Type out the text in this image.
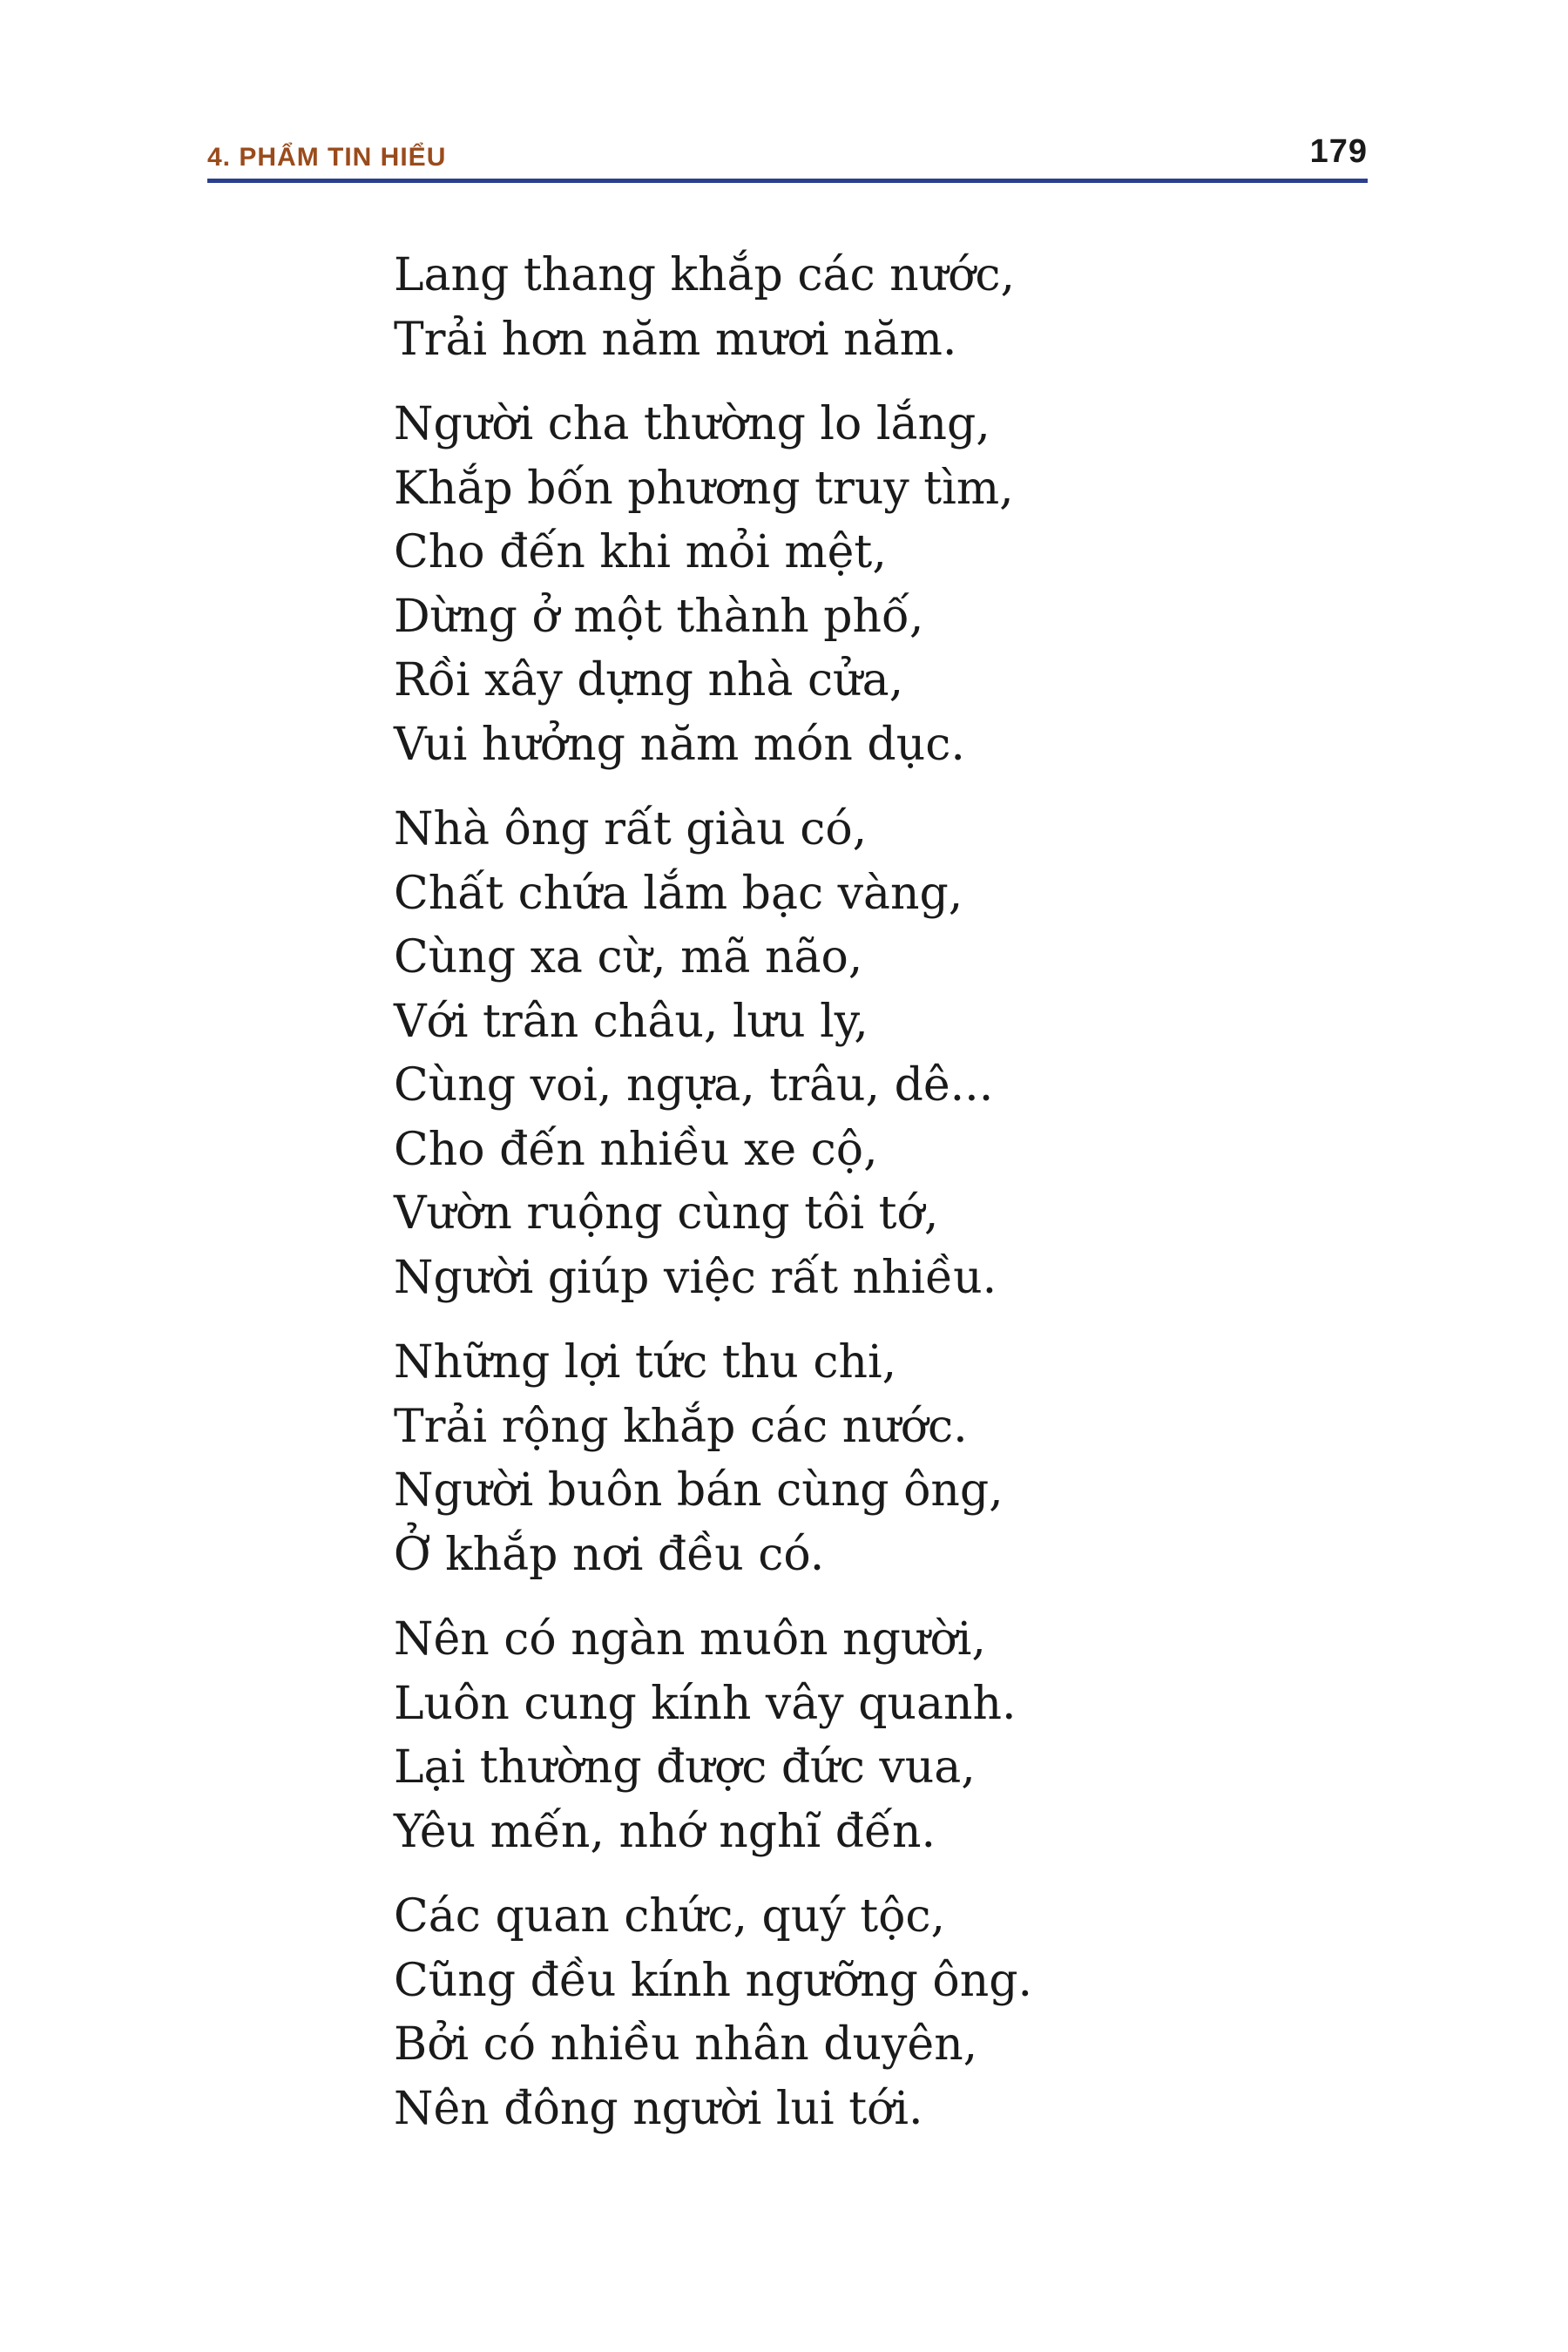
4. PHẨM TIN HIỂU	179
Lang thang khắp các nước,
Trải hơn năm mươi năm.
Người cha thường lo lắng,
Khắp bốn phương truy tìm,
Cho đến khi mỏi mệt,
Dừng ở một thành phố,
Rồi xây dựng nhà cửa,
Vui hưởng năm món dục.
Nhà ông rất giàu có,
Chất chứa lắm bạc vàng,
Cùng xa cừ, mã não,
Với trân châu, lưu ly,
Cùng voi, ngựa, trâu, dê...
Cho đến nhiều xe cộ,
Vườn ruộng cùng tôi tớ,
Người giúp việc rất nhiều.
Những lợi tức thu chi,
Trải rộng khắp các nước.
Người buôn bán cùng ông,
Ở khắp nơi đều có.
Nên có ngàn muôn người,
Luôn cung kính vây quanh.
Lại thường được đức vua,
Yêu mến, nhớ nghĩ đến.
Các quan chức, quý tộc,
Cũng đều kính ngưỡng ông.
Bởi có nhiều nhân duyên,
Nên đông người lui tới.
